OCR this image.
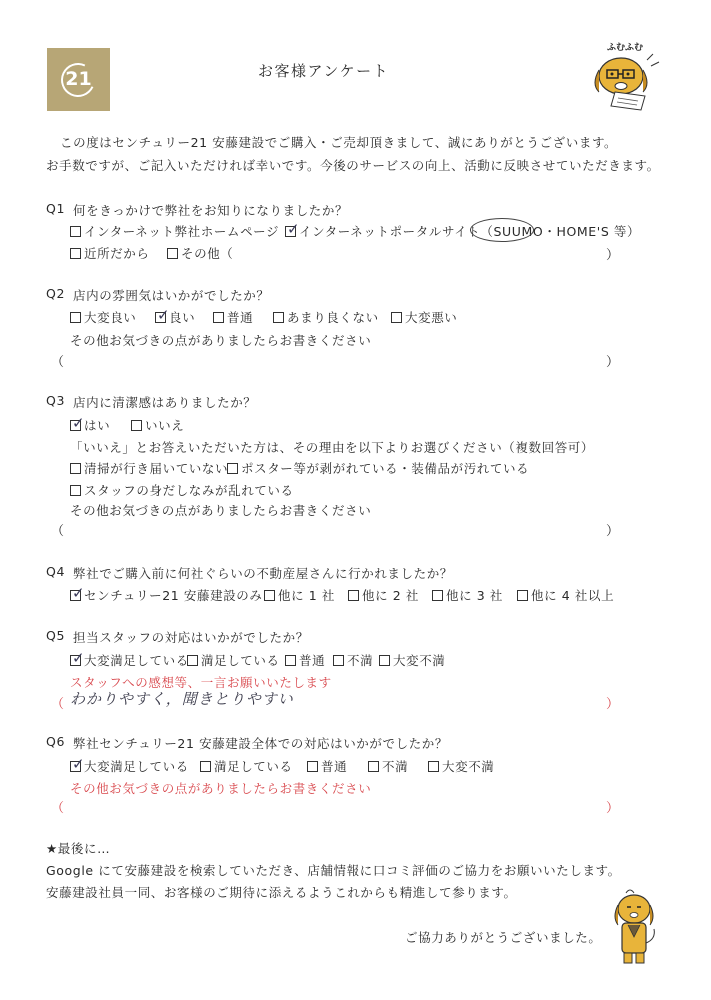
21	お客様アンケート
ふむふむ
この度はセンチュリー21 安藤建設でご購入・ご売却頂きまして、誠にありがとうございます。
お手数ですが、ご記入いただければ幸いです。今後のサービスの向上、活動に反映させていただきます。
Q1 何をきっかけで弊社をお知りになりましたか？
インターネット弊社ホームページ ✓
インターネットポータルサイト（SUUMO・HOME'S 等）
近所だから	その他（	）
Q2 店内の雰囲気はいかがでしたか？
大変良い ✓
良い	普通	あまり良くない	大変悪い
その他お気づきの点がありましたらお書きください
（	）
Q3 店内に清潔感はありましたか？
✓
はい	いいえ
「いいえ」とお答えいただいた方は、その理由を以下よりお選びください（複数回答可）
清掃が行き届いていない	ポスター等が剥がれている・装備品が汚れている
スタッフの身だしなみが乱れている
その他お気づきの点がありましたらお書きください
（	）
Q4 弊社でご購入前に何社ぐらいの不動産屋さんに行かれましたか？
✓
センチュリー21 安藤建設のみ	他に 1 社	他に 2 社	他に 3 社	他に 4 社以上
Q5 担当スタッフの対応はいかがでしたか？
✓
大変満足している 満足している	普通	不満	大変不満
スタッフへの感想等、一言お願いいたします
（ わかりやすく，聞きとりやすい	）
Q6 弊社センチュリー21 安藤建設全体での対応はいかがでしたか？
✓
大変満足している	満足している	普通	不満	大変不満
その他お気づきの点がありましたらお書きください
（	）
★最後に…
Google にて安藤建設を検索していただき、店舗情報に口コミ評価のご協力をお願いいたします。
安藤建設社員一同、お客様のご期待に添えるようこれからも精進して参ります。
ご協力ありがとうございました。
